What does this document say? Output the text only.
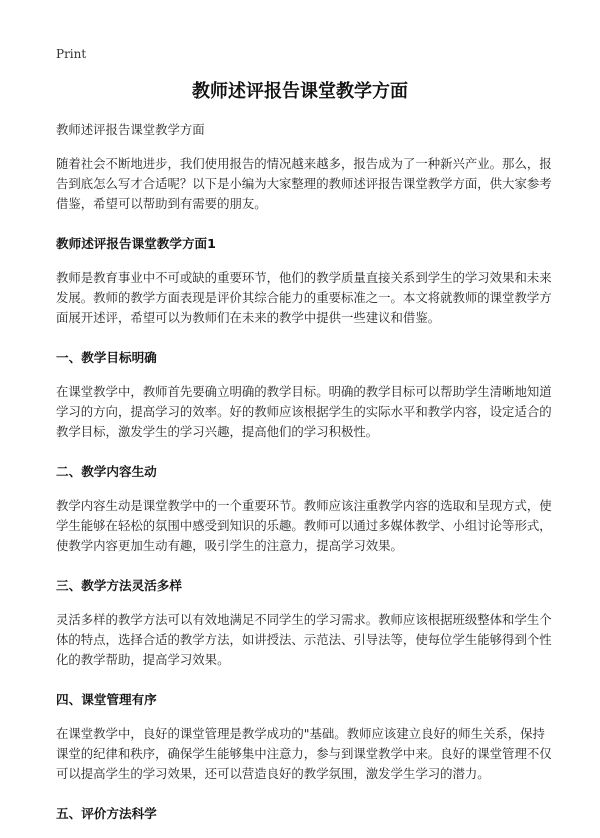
Print
教师述评报告课堂教学方面

教师述评报告课堂教学方面

随着社会不断地进步，我们使用报告的情况越来越多，报告成为了一种新兴产业。那么，报告到底怎么写才合适呢？以下是小编为大家整理的教师述评报告课堂教学方面，供大家参考借鉴，希望可以帮助到有需要的朋友。

教师述评报告课堂教学方面1

教师是教育事业中不可或缺的重要环节，他们的教学质量直接关系到学生的学习效果和未来发展。教师的教学方面表现是评价其综合能力的重要标准之一。本文将就教师的课堂教学方面展开述评，希望可以为教师们在未来的教学中提供一些建议和借鉴。

一、教学目标明确

在课堂教学中，教师首先要确立明确的教学目标。明确的教学目标可以帮助学生清晰地知道学习的方向，提高学习的效率。好的教师应该根据学生的实际水平和教学内容，设定适合的教学目标，激发学生的学习兴趣，提高他们的学习积极性。

二、教学内容生动

教学内容生动是课堂教学中的一个重要环节。教师应该注重教学内容的选取和呈现方式，使学生能够在轻松的氛围中感受到知识的乐趣。教师可以通过多媒体教学、小组讨论等形式，使教学内容更加生动有趣，吸引学生的注意力，提高学习效果。

三、教学方法灵活多样

灵活多样的教学方法可以有效地满足不同学生的学习需求。教师应该根据班级整体和学生个体的特点，选择合适的教学方法，如讲授法、示范法、引导法等，使每位学生能够得到个性化的教学帮助，提高学习效果。

四、课堂管理有序

在课堂教学中，良好的课堂管理是教学成功的"基础。教师应该建立良好的师生关系，保持课堂的纪律和秩序，确保学生能够集中注意力，参与到课堂教学中来。良好的课堂管理不仅可以提高学生的学习效果，还可以营造良好的教学氛围，激发学生学习的潜力。

五、评价方法科学
